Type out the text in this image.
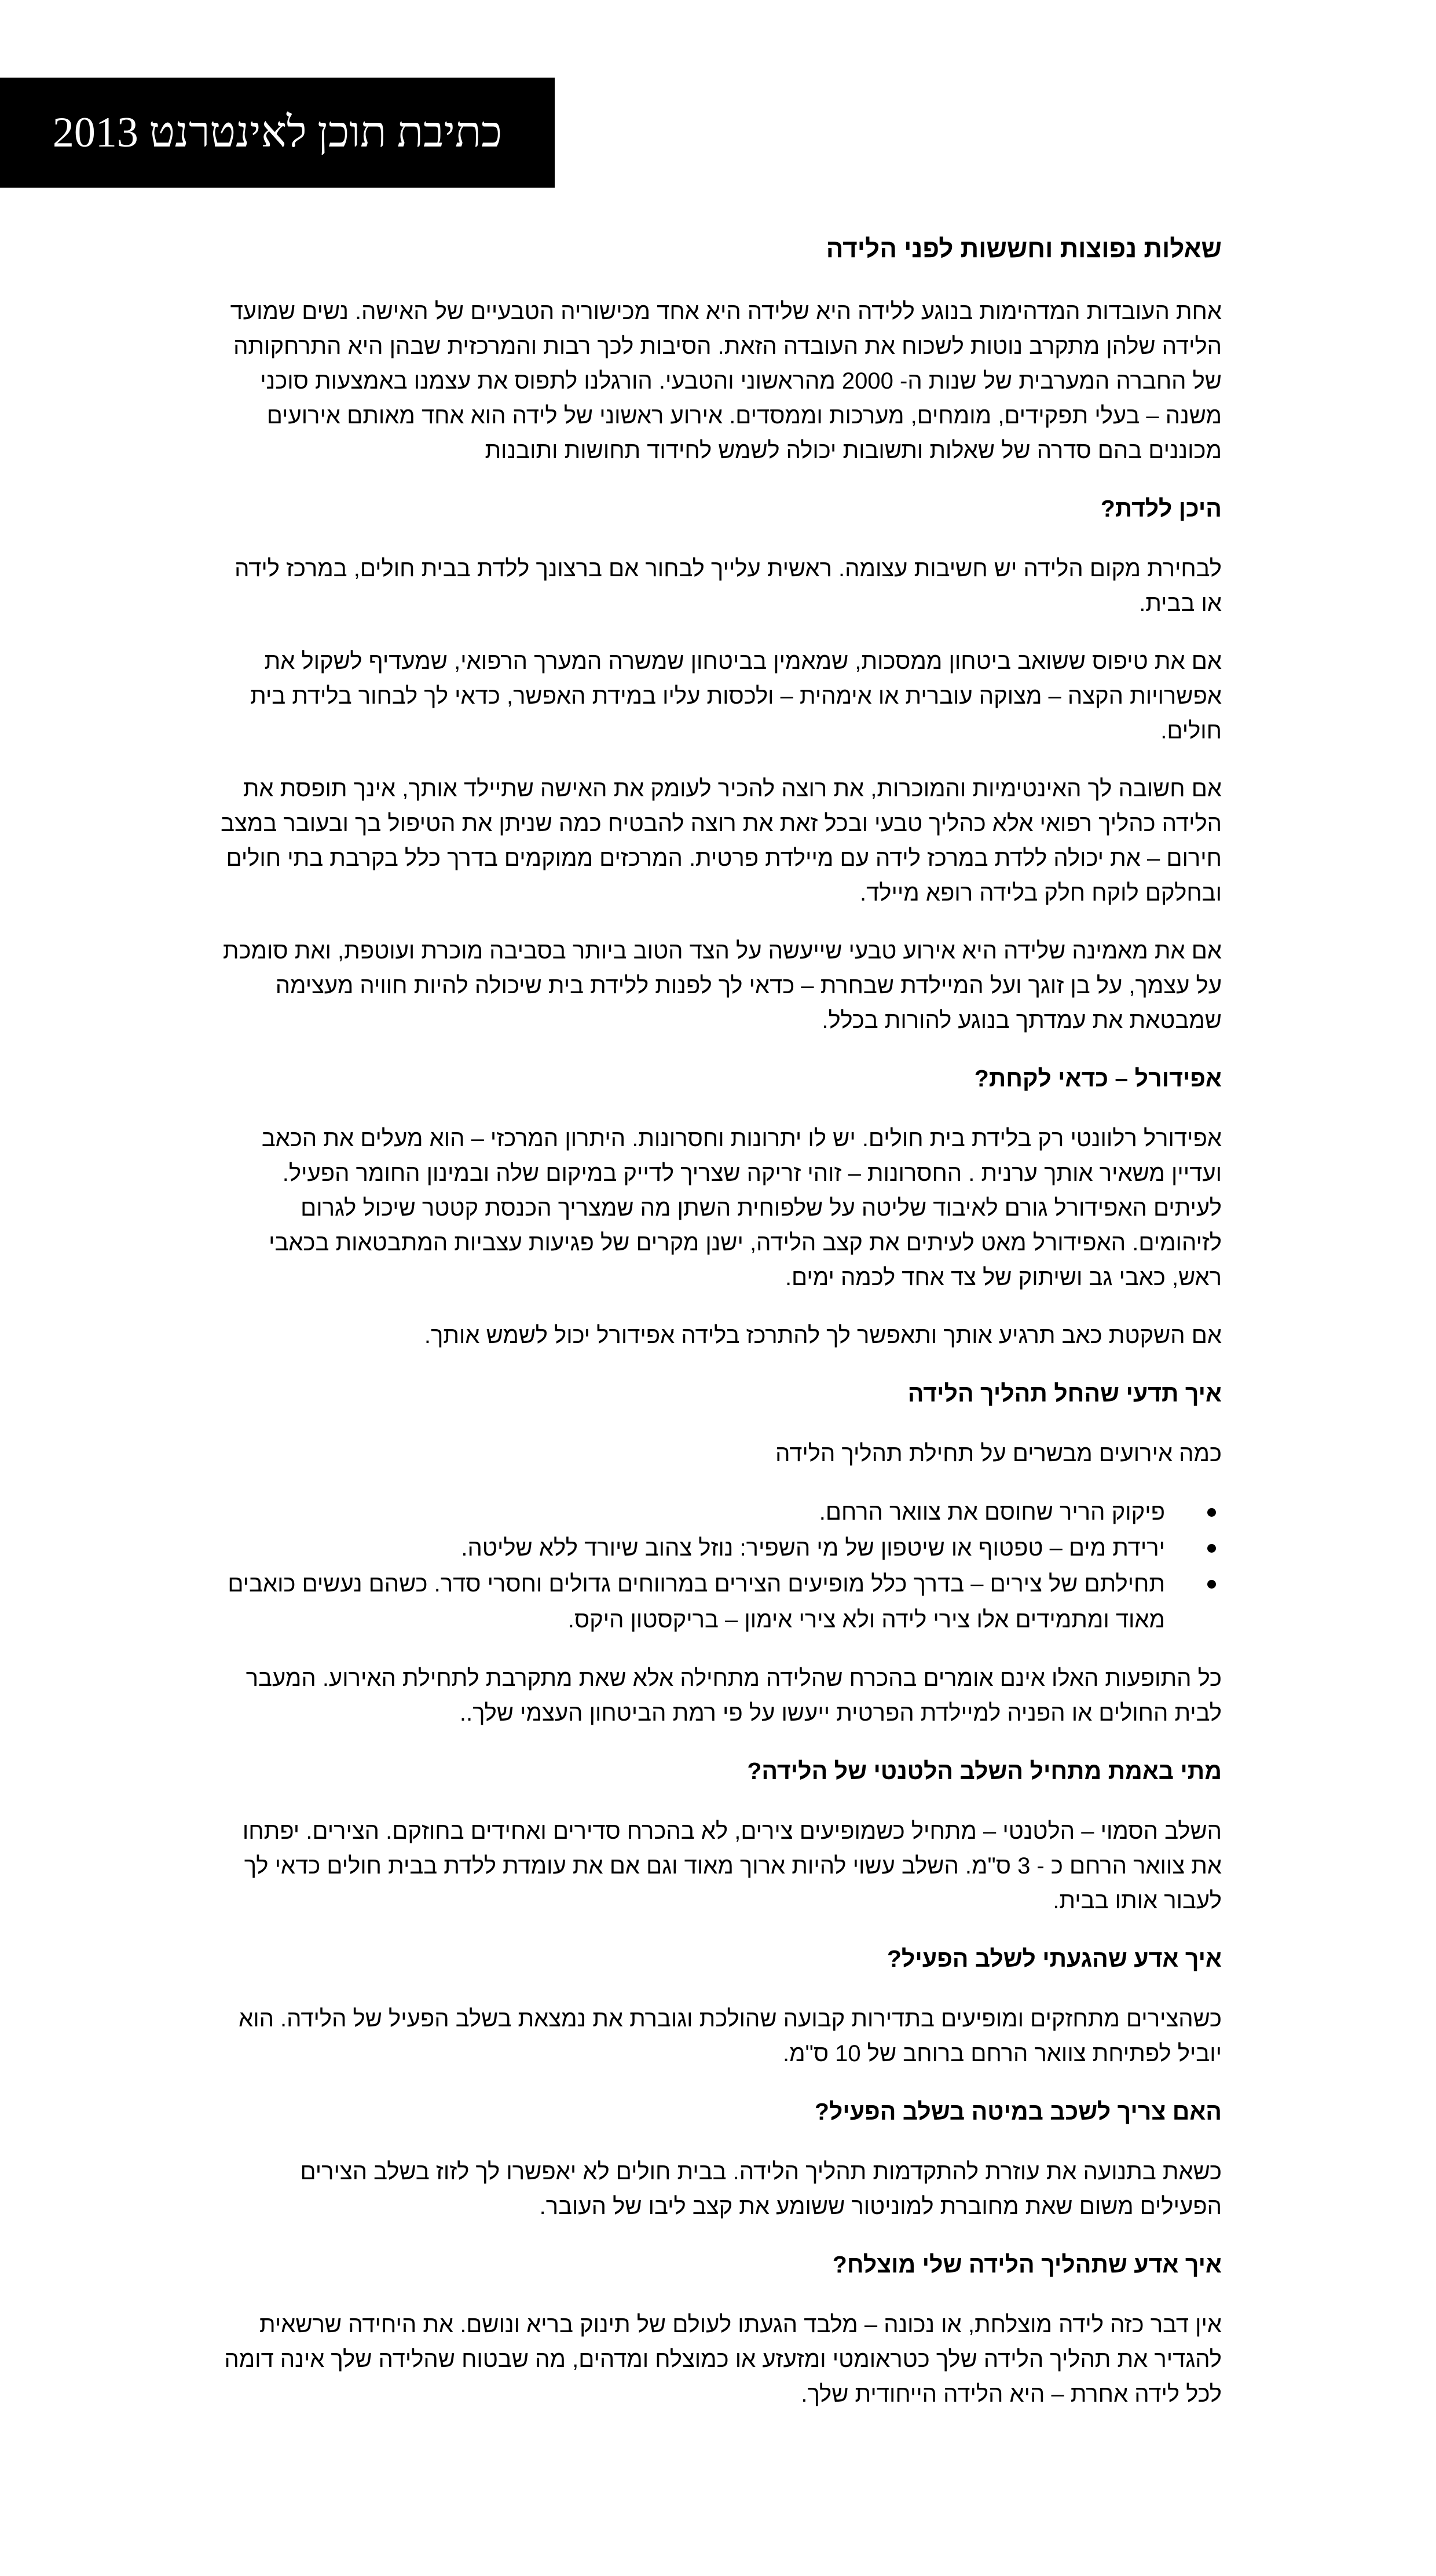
כתיבת תוכן לאינטרנט 2013
שאלות נפוצות וחששות לפני הלידה

אחת העובדות המדהימות בנוגע ללידה היא שלידה היא אחד מכישוריה הטבעיים של האישה. נשים שמועד הלידה שלהן מתקרב נוטות לשכוח את העובדה הזאת. הסיבות לכך רבות והמרכזית שבהן היא התרחקותה של החברה המערבית של שנות ה- 2000 מהראשוני והטבעי. הורגלנו לתפוס את עצמנו באמצעות סוכני משנה – בעלי תפקידים, מומחים, מערכות וממסדים. אירוע ראשוני של לידה הוא אחד מאותם אירועים מכוננים בהם סדרה של שאלות ותשובות יכולה לשמש לחידוד תחושות ותובנות

היכן ללדת?

לבחירת מקום הלידה יש חשיבות עצומה. ראשית עלייך לבחור אם ברצונך ללדת בבית חולים, במרכז לידה או בבית.

אם את טיפוס ששואב ביטחון ממסכות, שמאמין בביטחון שמשרה המערך הרפואי, שמעדיף לשקול את אפשרויות הקצה – מצוקה עוברית או אימהית – ולכסות עליו במידת האפשר, כדאי לך לבחור בלידת בית חולים.

אם חשובה לך האינטימיות והמוכרות, את רוצה להכיר לעומק את האישה שתיילד אותך, אינך תופסת את הלידה כהליך רפואי אלא כהליך טבעי ובכל זאת את רוצה להבטיח כמה שניתן את הטיפול בך ובעובר במצב חירום – את יכולה ללדת במרכז לידה עם מיילדת פרטית. המרכזים ממוקמים בדרך כלל בקרבת בתי חולים ובחלקם לוקח חלק בלידה רופא מיילד.

אם את מאמינה שלידה היא אירוע טבעי שייעשה על הצד הטוב ביותר בסביבה מוכרת ועוטפת, ואת סומכת על עצמך, על בן זוגך ועל המיילדת שבחרת – כדאי לך לפנות ללידת בית שיכולה להיות חוויה מעצימה שמבטאת את עמדתך בנוגע להורות בכלל.

אפידורל – כדאי לקחת?

אפידורל רלוונטי רק בלידת בית חולים. יש לו יתרונות וחסרונות. היתרון המרכזי – הוא מעלים את הכאב ועדיין משאיר אותך ערנית . החסרונות – זוהי זריקה שצריך לדייק במיקום שלה ובמינון החומר הפעיל. לעיתים האפידורל גורם לאיבוד שליטה על שלפוחית השתן מה שמצריך הכנסת קטטר שיכול לגרום לזיהומים. האפידורל מאט לעיתים את קצב הלידה, ישנן מקרים של פגיעות עצביות המתבטאות בכאבי ראש, כאבי גב ושיתוק של צד אחד לכמה ימים.

אם השקטת כאב תרגיע אותך ותאפשר לך להתרכז בלידה אפידורל יכול לשמש אותך.

איך תדעי שהחל תהליך הלידה

כמה אירועים מבשרים על תחילת תהליך הלידה

פיקוק הריר שחוסם את צוואר הרחם.
ירידת מים – טפטוף או שיטפון של מי השפיר: נוזל צהוב שיורד ללא שליטה.
תחילתם של צירים – בדרך כלל מופיעים הצירים במרווחים גדולים וחסרי סדר. כשהם נעשים כואבים מאוד ומתמידים אלו צירי לידה ולא צירי אימון – בריקסטון היקס.

כל התופעות האלו אינם אומרים בהכרח שהלידה מתחילה אלא שאת מתקרבת לתחילת האירוע. המעבר לבית החולים או הפניה למיילדת הפרטית ייעשו על פי רמת הביטחון העצמי שלך..

מתי באמת מתחיל השלב הלטנטי של הלידה?

השלב הסמוי – הלטנטי – מתחיל כשמופיעים צירים, לא בהכרח סדירים ואחידים בחוזקם. הצירים. יפתחו את צוואר הרחם כ - 3 ס"מ. השלב עשוי להיות ארוך מאוד וגם אם את עומדת ללדת בבית חולים כדאי לך לעבור אותו בבית.

איך אדע שהגעתי לשלב הפעיל?

כשהצירים מתחזקים ומופיעים בתדירות קבועה שהולכת וגוברת את נמצאת בשלב הפעיל של הלידה. הוא יוביל לפתיחת צוואר הרחם ברוחב של 10 ס"מ.

האם צריך לשכב במיטה בשלב הפעיל?

כשאת בתנועה את עוזרת להתקדמות תהליך הלידה. בבית חולים לא יאפשרו לך לזוז בשלב הצירים הפעילים משום שאת מחוברת למוניטור ששומע את קצב ליבו של העובר.

איך אדע שתהליך הלידה שלי מוצלח?

אין דבר כזה לידה מוצלחת, או נכונה – מלבד הגעתו לעולם של תינוק בריא ונושם. את היחידה שרשאית להגדיר את תהליך הלידה שלך כטראומטי ומזעזע או כמוצלח ומדהים, מה שבטוח שהלידה שלך אינה דומה לכל לידה אחרת – היא הלידה הייחודית שלך.
